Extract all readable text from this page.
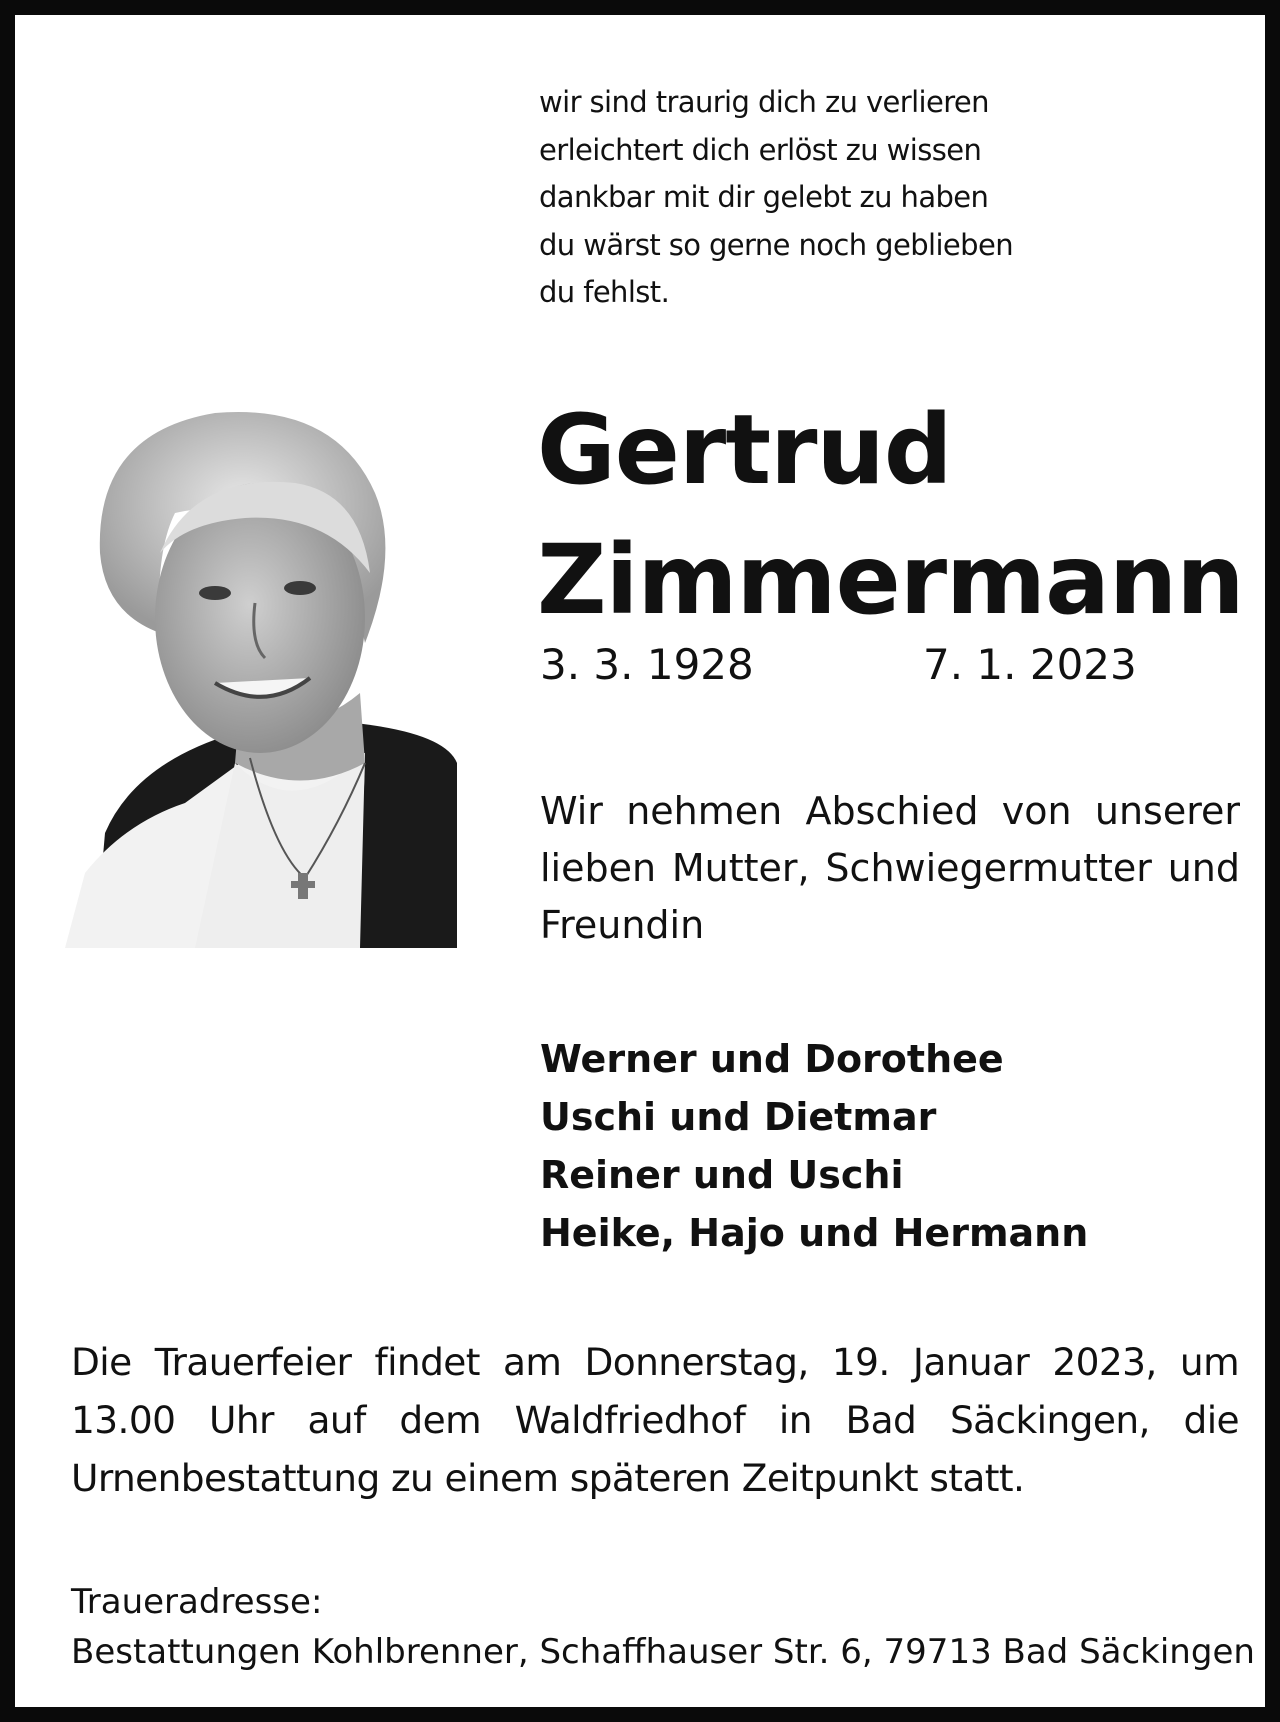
wir sind traurig dich zu verlieren
erleichtert dich erlöst zu wissen
dankbar mit dir gelebt zu haben
du wärst so gerne noch geblieben
du fehlst.
Gertrud
Zimmermann
3. 3. 1928	7. 1. 2023
Wir nehmen Abschied von unserer lieben Mutter, Schwiegermutter und Freundin
Werner und Dorothee
Uschi und Dietmar
Reiner und Uschi
Heike, Hajo und Hermann
Die Trauerfeier findet am Donnerstag, 19. Januar 2023, um 13.00 Uhr auf dem Waldfriedhof in Bad Säckingen, die Urnenbestattung zu einem späteren Zeitpunkt statt.
Traueradresse:
Bestattungen Kohlbrenner, Schaffhauser Str. 6, 79713 Bad Säckingen
